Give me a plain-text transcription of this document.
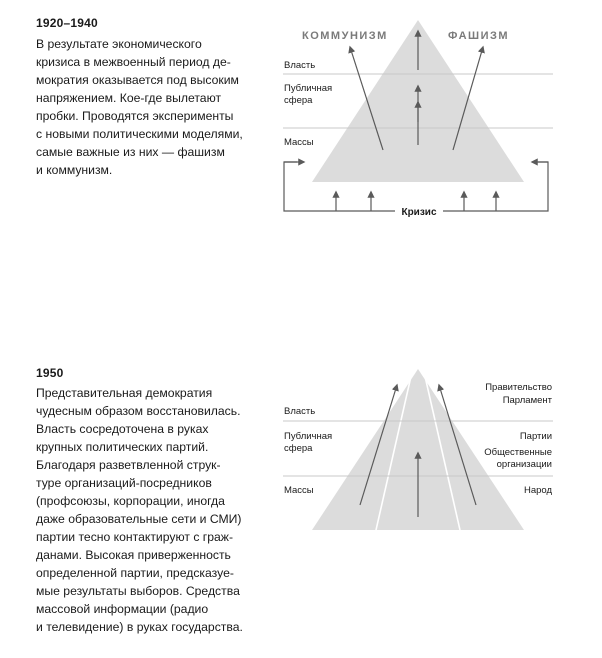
1920–1940
В результате экономического
кризиса в межвоенный период де-
мократия оказывается под высоким
напряжением. Кое-где вылетают
пробки. Проводятся эксперименты
с новыми политическими моделями,
самые важные из них — фашизм
и коммунизм.
1950
Представительная демократия
чудесным образом восстановилась.
Власть сосредоточена в руках
крупных политических партий.
Благодаря разветвленной струк-
туре организаций-посредников
(профсоюзы, корпорации, иногда
даже образовательные сети и СМИ)
партии тесно контактируют с граж-
данами. Высокая приверженность
определенной партии, предсказуе-
мые результаты выборов. Средства
массовой информации (радио
и телевидение) в руках государства.
КОММУНИЗМ	ФАШИЗМ
Власть
Публичная
сфера
Массы
Кризис
Власть
Публичная
сфера
Массы
Правительство
Парламент
Партии
Общественные
организации
Народ
